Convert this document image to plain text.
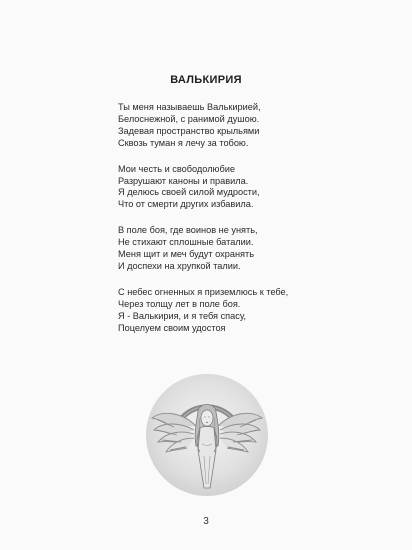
ВАЛЬКИРИЯ
Ты меня называешь Валькирией,
Белоснежной, с ранимой душою.
Задевая пространство крыльями
Сквозь туман я лечу за тобою.
Мои честь и свободолюбие
Разрушают каноны и правила.
Я делюсь своей силой мудрости,
Что от смерти других избавила.
В поле боя, где воинов не унять,
Не стихают сплошные баталии.
Меня щит и меч будут охранять
И доспехи на хрупкой талии.
С небес огненных я приземлюсь к тебе,
Через толщу лет в поле боя.
Я - Валькирия, и я тебя спасу,
Поцелуем своим удостоя
3
